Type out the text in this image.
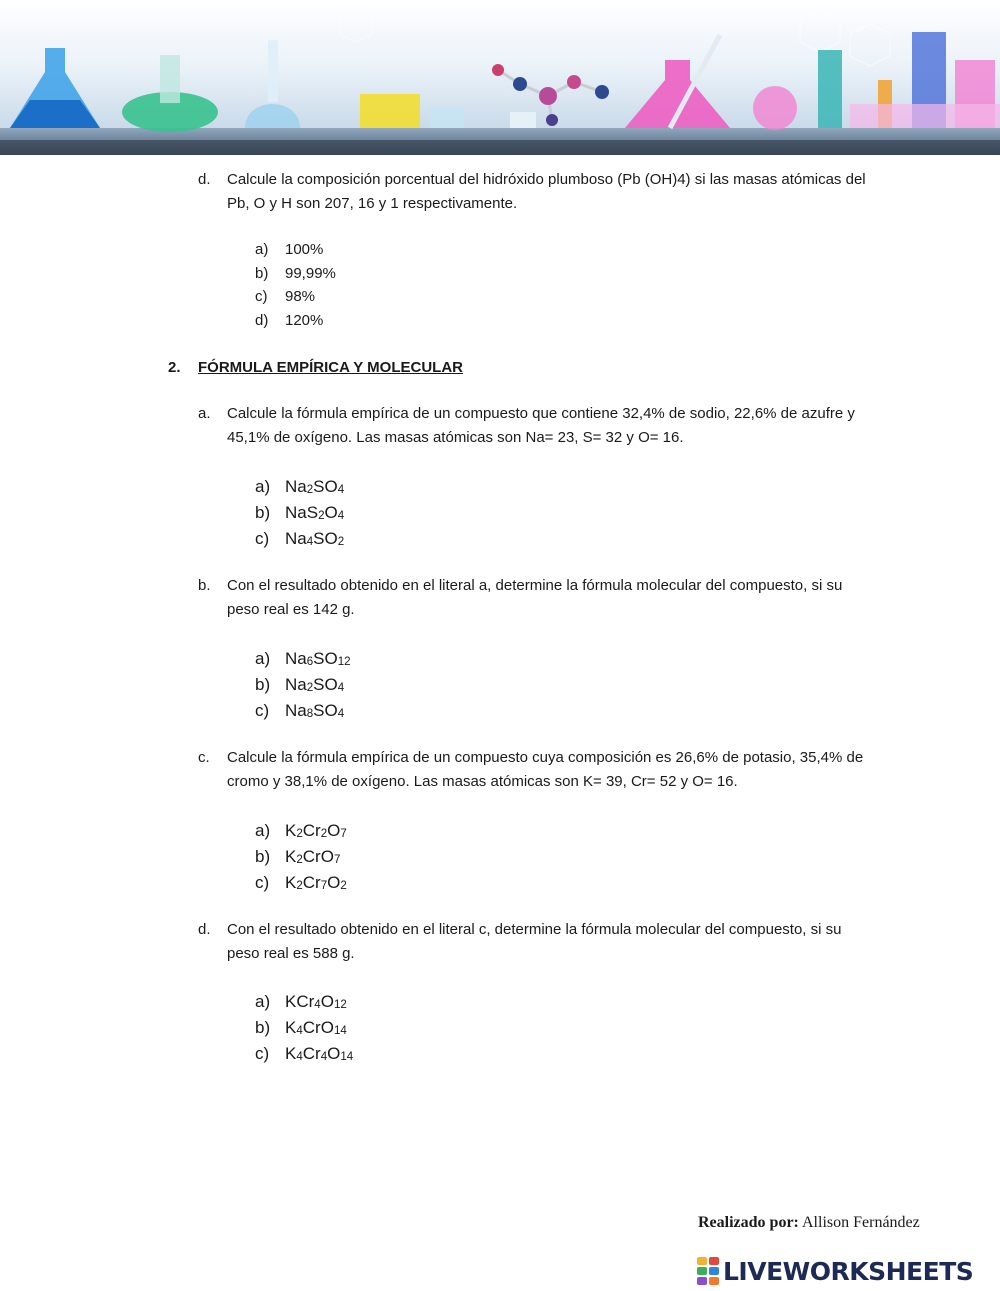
d. Calcule la composición porcentual del hidróxido plumboso (Pb (OH)4) si las masas atómicas del Pb, O y H son 207, 16 y 1 respectivamente.
a) 100%
b) 99,99%
c) 98%
d) 120%
2. FÓRMULA EMPÍRICA Y MOLECULAR
a. Calcule la fórmula empírica de un compuesto que contiene 32,4% de sodio, 22,6% de azufre y 45,1% de oxígeno. Las masas atómicas son Na= 23, S= 32 y O= 16.
a) $Na_2SO_4$
b) $NaS_2O_4$
c) $Na_4SO_2$
b. Con el resultado obtenido en el literal a, determine la fórmula molecular del compuesto, si su peso real es 142 g.
a) $Na_6SO_{12}$
b) $Na_2SO_4$
c) $Na_8SO_4$
c. Calcule la fórmula empírica de un compuesto cuya composición es 26,6% de potasio, 35,4% de cromo y 38,1% de oxígeno. Las masas atómicas son K= 39, Cr= 52 y O= 16.
a) $K_2Cr_2O_7$
b) $K_2CrO_7$
c) $K_2Cr_7O_2$
d. Con el resultado obtenido en el literal c, determine la fórmula molecular del compuesto, si su peso real es 588 g.
a) $KCr_4O_{12}$
b) $K_4CrO_{14}$
c) $K_4Cr_4O_{14}$
Realizado por: Allison Fernández
LIVEWORKSHEETS
